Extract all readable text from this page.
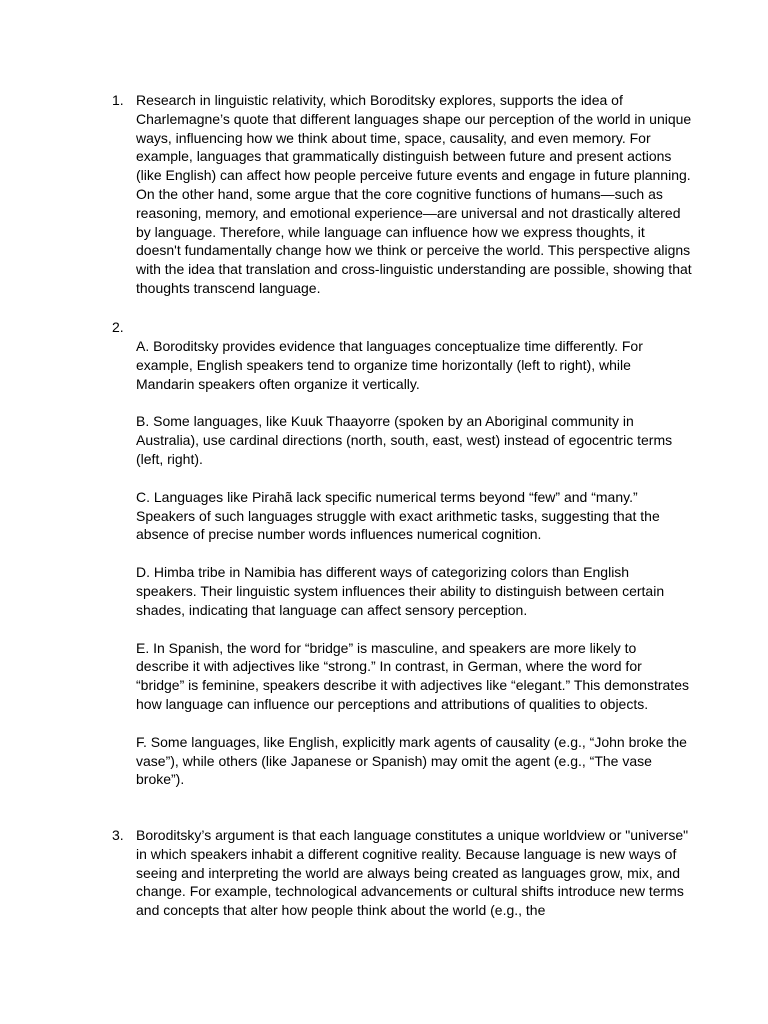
1. Research in linguistic relativity, which Boroditsky explores, supports the idea of Charlemagne’s quote that different languages shape our perception of the world in unique ways, influencing how we think about time, space, causality, and even memory. For example, languages that grammatically distinguish between future and present actions (like English) can affect how people perceive future events and engage in future planning. On the other hand, some argue that the core cognitive functions of humans—such as reasoning, memory, and emotional experience—are universal and not drastically altered by language. Therefore, while language can influence how we express thoughts, it doesn't fundamentally change how we think or perceive the world. This perspective aligns with the idea that translation and cross-linguistic understanding are possible, showing that thoughts transcend language.

2.

A. Boroditsky provides evidence that languages conceptualize time differently. For example, English speakers tend to organize time horizontally (left to right), while Mandarin speakers often organize it vertically.

B. Some languages, like Kuuk Thaayorre (spoken by an Aboriginal community in Australia), use cardinal directions (north, south, east, west) instead of egocentric terms (left, right).

C. Languages like Pirahã lack specific numerical terms beyond “few” and “many.” Speakers of such languages struggle with exact arithmetic tasks, suggesting that the absence of precise number words influences numerical cognition.

D. Himba tribe in Namibia has different ways of categorizing colors than English speakers. Their linguistic system influences their ability to distinguish between certain shades, indicating that language can affect sensory perception.

E. In Spanish, the word for “bridge” is masculine, and speakers are more likely to describe it with adjectives like “strong.” In contrast, in German, where the word for “bridge” is feminine, speakers describe it with adjectives like “elegant.” This demonstrates how language can influence our perceptions and attributions of qualities to objects.

F. Some languages, like English, explicitly mark agents of causality (e.g., “John broke the vase”), while others (like Japanese or Spanish) may omit the agent (e.g., “The vase broke”).

3. Boroditsky’s argument is that each language constitutes a unique worldview or "universe" in which speakers inhabit a different cognitive reality. Because language is new ways of seeing and interpreting the world are always being created as languages grow, mix, and change. For example, technological advancements or cultural shifts introduce new terms and concepts that alter how people think about the world (e.g., the
